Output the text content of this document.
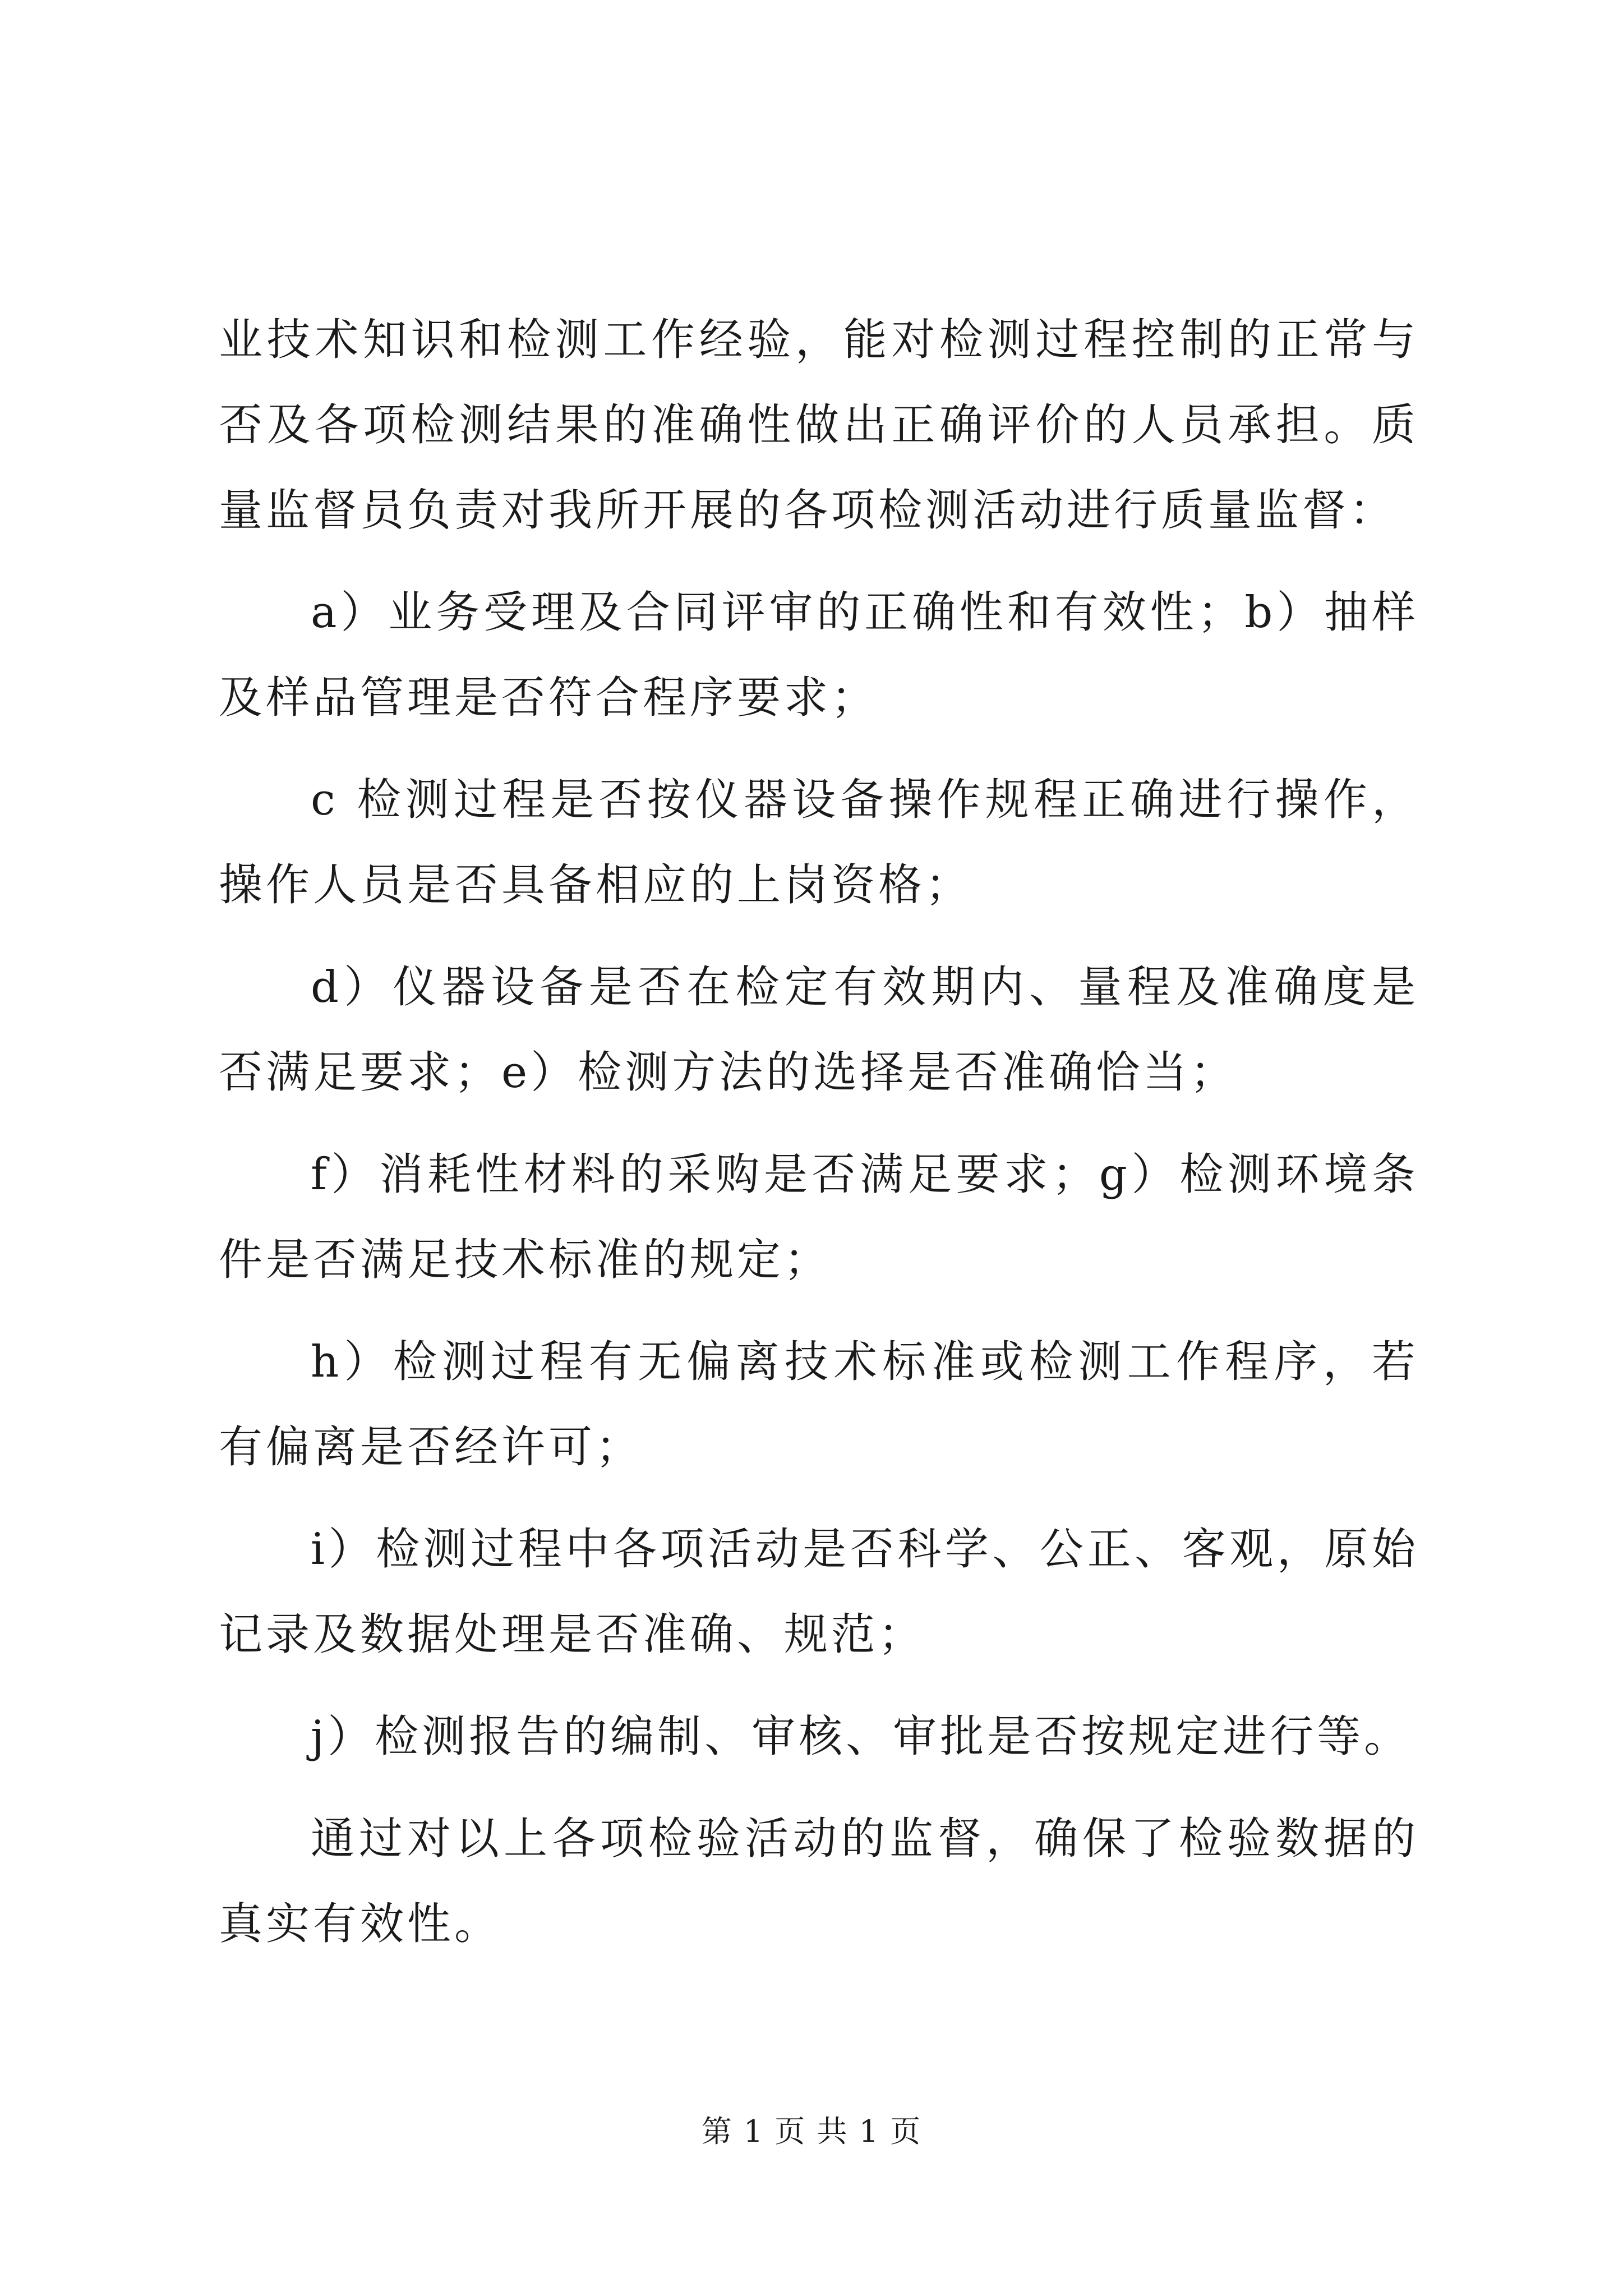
业技术知识和检测工作经验，能对检测过程控制的正常与否及各项检测结果的准确性做出正确评价的人员承担。质量监督员负责对我所开展的各项检测活动进行质量监督：

a）业务受理及合同评审的正确性和有效性；b）抽样及样品管理是否符合程序要求；

c 检测过程是否按仪器设备操作规程正确进行操作，操作人员是否具备相应的上岗资格；

d）仪器设备是否在检定有效期内、量程及准确度是否满足要求；e）检测方法的选择是否准确恰当；

f）消耗性材料的采购是否满足要求；g）检测环境条件是否满足技术标准的规定；

h）检测过程有无偏离技术标准或检测工作程序，若有偏离是否经许可；

i）检测过程中各项活动是否科学、公正、客观，原始记录及数据处理是否准确、规范；

j）检测报告的编制、审核、审批是否按规定进行等。

通过对以上各项检验活动的监督，确保了检验数据的真实有效性。

第 1 页 共 1 页
